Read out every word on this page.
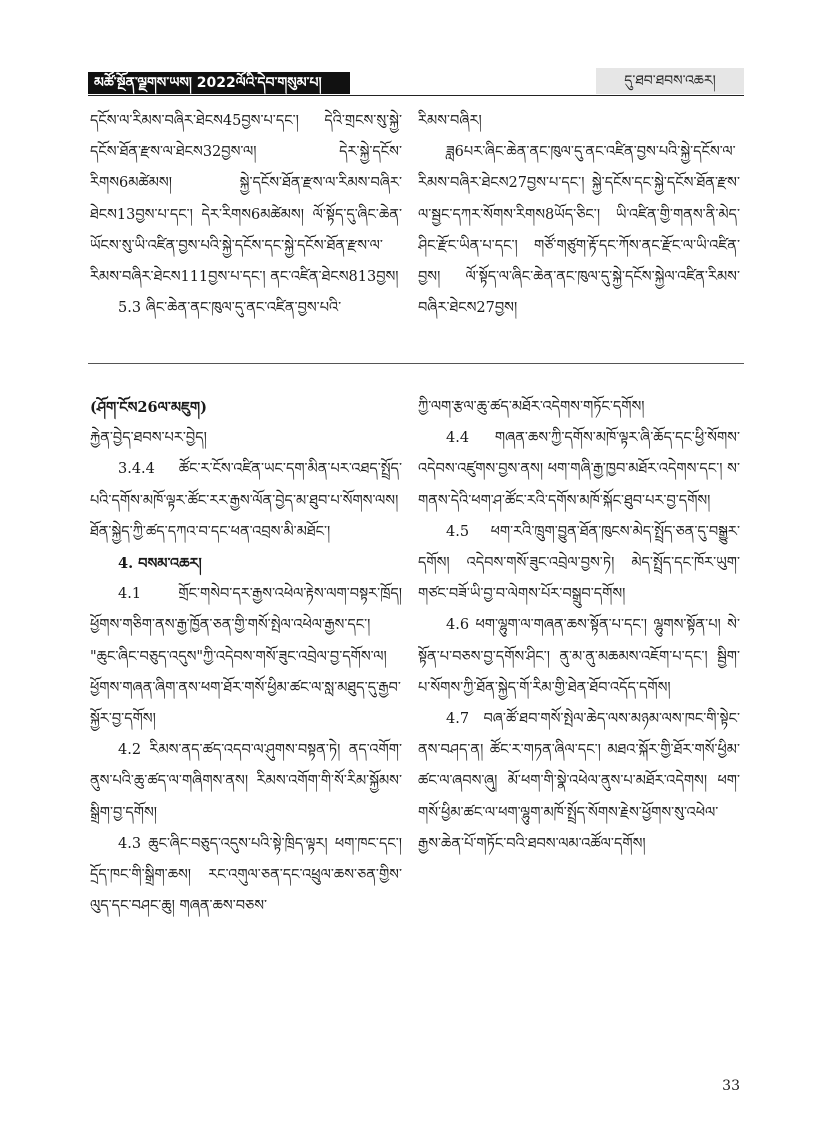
མཚོ་སྔོན་ལྗགས་ཡས། 2022ལོའི་དེབ་གསུམ་པ།	དུ་ཐབ་ཐབས་འཆར།

དངོས་ལ་རིམས་བཞིར་ཐེངས45བྱས་པ་དང་། དེའི་གྲངས་སུ་སྐྱེ་དངོས་ཐོན་རྫས་ལ་ཐེངས32བྱས་ལ། དེར་སྐྱེ་དངོས་རིགས6མཚེམས། སྐྱེ་དངོས་ཐོན་རྫས་ལ་རིམས་བཞིར་ཐེངས13བྱས་པ་དང་། དེར་རིགས6མཚེམས། ལོ་སྟོད་དུ་ཞིང་ཆེན་ཡོངས་སུ་ཡི་འཛིན་བྱས་པའི་སྐྱེ་དངོས་དང་སྐྱེ་དངོས་ཐོན་རྫས་ལ་རིམས་བཞིར་ཐེངས111བྱས་པ་དང་། ནང་འཛིན་ཐེངས813བྱས།

5.3 ཞིང་ཆེན་ནང་ཁུལ་དུ་ནང་འཛིན་བྱས་པའི་

རིམས་བཞིར།

ཟླ6པར་ཞིང་ཆེན་ནང་ཁུལ་དུ་ནང་འཛིན་བྱས་པའི་སྐྱེ་དངོས་ལ་རིམས་བཞིར་ཐེངས27བྱས་པ་དང་། སྐྱེ་དངོས་དང་སྐྱེ་དངོས་ཐོན་རྫས་ལ་སྦྱང་དཀར་སོགས་རིགས8ཡོད་ཅིང་། ཡི་འཛིན་གྱི་གནས་ནི་མེད་ཤིང་རྫོང་ཡིན་པ་དང་། གཙོ་གཙུག་རྟོ་དང་ཀོས་ནང་རྫོང་ལ་ཡི་འཛིན་བྱས། ལོ་སྟོད་ལ་ཞིང་ཆེན་ནང་ཁུལ་དུ་སྐྱེ་དངོས་སྐྱེལ་འཛིན་རིམས་བཞིར་ཐེངས27བྱས།

(ཤོག་ངོས26ལ་མཇུག)

རྐྱེན་བྱེད་ཐབས་པར་བྱེད།

3.4.4 ཚོང་ར་ངོས་འཛིན་ཡང་དག་མིན་པར་འཐད་སྤྲོད་པའི་དགོས་མཁོ་ལྟར་ཚོང་རར་རྒྱས་ལོན་བྱེད་མ་ཐུབ་པ་སོགས་ལས། ཐོན་སྐྱེད་ཀྱི་ཚད་དཀའ་བ་དང་ཕན་འབྲས་མི་མཐོང་།

4. བསམ་འཆར།

4.1 གྲོང་གསེབ་དར་རྒྱས་འཕེལ་རྟེས་ལག་བསྟར་ཁྲོད། ཕྱོགས་གཅིག་ནས་རྒྱ་ཁྱོན་ཅན་གྱི་གསོ་སྤེལ་འཕེལ་རྒྱས་དང་། "ཆུང་ཞིང་བཅུད་འདུས"ཀྱི་འདེབས་གསོ་ཟུང་འབྲེལ་བྱ་དགོས་ལ། ཕྱོགས་གཞན་ཞིག་ནས་ཕག་ཐོར་གསོ་ཕྱིམ་ཚང་ལ་སླ་མཐུད་དུ་རྒྱབ་སྐྱོར་བྱ་དགོས།

4.2 རིམས་ནད་ཚད་འདབ་ལ་ཤུགས་བསྟན་ཏེ། ནད་འགོག་ནུས་པའི་ཆུ་ཚད་ལ་གཞིགས་ནས། རིམས་འགོག་གི་སོ་རིམ་སྐྱོམས་སྒྲིག་བྱ་དགོས།

4.3 ཆུང་ཞིང་བཅུད་འདུས་པའི་སྟེ་ཁྲིད་ལྟར། ཕག་ཁང་དང་། དྲོད་ཁང་གི་སྒྲིག་ཆས། རང་འགུལ་ཅན་དང་འཕྲུལ་ཆས་ཅན་གྱིས་ལུད་དང་བཤང་ཆུ། གཞན་ཆས་བཅས་

ཀྱི་ལག་རྩལ་ཆུ་ཚད་མཐོར་འདེགས་གཏོང་དགོས།

4.4 གཞན་ཆས་ཀྱི་དགོས་མཁོ་ལྟར་ཞི་ཆོད་དང་ཕྱི་སོགས་འདེབས་འཛུགས་བྱས་ནས། ཕག་གཞི་རྒྱ་ཁྱབ་མཐོར་འདེགས་དང་། ས་གནས་དེའི་ཕག་ཤ་ཚོང་རའི་དགོས་མཁོ་སྐོང་ཐུབ་པར་བྱ་དགོས།

4.5 ཕག་རའི་ཁྲུག་བྱུན་ཐོན་ཁུངས་མེད་སྤྲོད་ཅན་དུ་བསྒྱུར་དགོས། འདེབས་གསོ་ཟུང་འབྲེལ་བྱས་ཏེ། མེད་སྤྲོད་དང་ཁོར་ཡུག་གཙང་བཟོ་ཡི་བྱ་བ་ལེགས་པོར་བསྒྲུབ་དགོས།

4.6 ཕག་ལྷུག་ལ་གཞན་ཆས་སྟོན་པ་དང་། ལྷུགས་སྟོན་པ། སེ་སྟོན་པ་བཅས་བྱ་དགོས་ཤིང་། ནུ་མ་ནུ་མཆམས་འཇོག་པ་དང་། སྦྱིག་པ་སོགས་ཀྱི་ཐོན་སྐྱེད་གོ་རིམ་གྱི་ཐེན་ཐོབ་འདོད་དགོས།

4.7 བཞ་ཚོ་ཐབ་གསོ་སྤེལ་ཆེད་ལས་མཉམ་ལས་ཁང་གི་སྟེང་ནས་བཤད་ན། ཚོང་ར་གཏན་ཞིལ་དང་། མཐའ་སྐོར་གྱི་ཐོར་གསོ་ཕྱིམ་ཚང་ལ་ཞབས་ཞུ། མོ་ཕག་གི་སྣེ་འཕེལ་ནུས་པ་མཐོར་འདེགས། ཕག་གསོ་ཕྱིམ་ཚང་ལ་ཕག་ལྷུག་མཁོ་སྤྲོད་སོགས་རྗེས་ཕྱོགས་སུ་འཕེལ་རྒྱས་ཆེན་པོ་གཏོང་བའི་ཐབས་ལམ་འཚོལ་དགོས།

33
